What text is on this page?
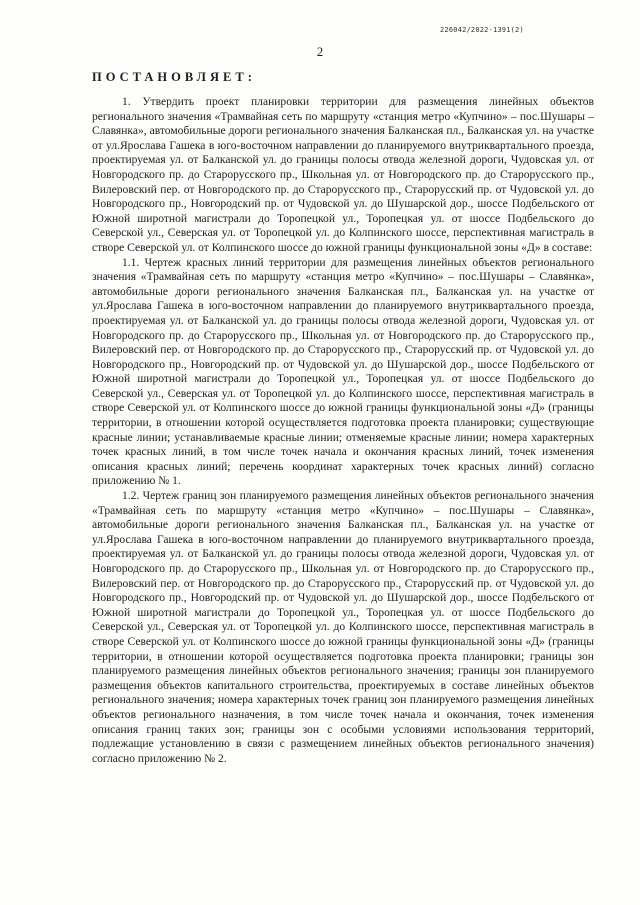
226042/2022-1391(2)
2
ПОСТАНОВЛЯЕТ:

1. Утвердить проект планировки территории для размещения линейных объектов регионального значения «Трамвайная сеть по маршруту «станция метро «Купчино» – пос.Шушары – Славянка», автомобильные дороги регионального значения Балканская пл., Балканская ул. на участке от ул.Ярослава Гашека в юго-восточном направлении до планируемого внутриквартального проезда, проектируемая ул. от Балканской ул. до границы полосы отвода железной дороги, Чудовская ул. от Новгородского пр. до Старорусского пр., Школьная ул. от Новгородского пр. до Старорусского пр., Вилеровский пер. от Новгородского пр. до Старорусского пр., Старорусский пр. от Чудовской ул. до Новгородского пр., Новгородский пр. от Чудовской ул. до Шушарской дор., шоссе Подбельского от Южной широтной магистрали до Торопецкой ул., Торопецкая ул. от шоссе Подбельского до Северской ул., Северская ул. от Торопецкой ул. до Колпинского шоссе, перспективная магистраль в створе Северской ул. от Колпинского шоссе до южной границы функциональной зоны «Д» в составе:

1.1. Чертеж красных линий территории для размещения линейных объектов регионального значения «Трамвайная сеть по маршруту «станция метро «Купчино» – пос.Шушары – Славянка», автомобильные дороги регионального значения Балканская пл., Балканская ул. на участке от ул.Ярослава Гашека в юго-восточном направлении до планируемого внутриквартального проезда, проектируемая ул. от Балканской ул. до границы полосы отвода железной дороги, Чудовская ул. от Новгородского пр. до Старорусского пр., Школьная ул. от Новгородского пр. до Старорусского пр., Вилеровский пер. от Новгородского пр. до Старорусского пр., Старорусский пр. от Чудовской ул. до Новгородского пр., Новгородский пр. от Чудовской ул. до Шушарской дор., шоссе Подбельского от Южной широтной магистрали до Торопецкой ул., Торопецкая ул. от шоссе Подбельского до Северской ул., Северская ул. от Торопецкой ул. до Колпинского шоссе, перспективная магистраль в створе Северской ул. от Колпинского шоссе до южной границы функциональной зоны «Д» (границы территории, в отношении которой осуществляется подготовка проекта планировки; существующие красные линии; устанавливаемые красные линии; отменяемые красные линии; номера характерных точек красных линий, в том числе точек начала и окончания красных линий, точек изменения описания красных линий; перечень координат характерных точек красных линий) согласно приложению № 1.

1.2. Чертеж границ зон планируемого размещения линейных объектов регионального значения «Трамвайная сеть по маршруту «станция метро «Купчино» – пос.Шушары – Славянка», автомобильные дороги регионального значения Балканская пл., Балканская ул. на участке от ул.Ярослава Гашека в юго-восточном направлении до планируемого внутриквартального проезда, проектируемая ул. от Балканской ул. до границы полосы отвода железной дороги, Чудовская ул. от Новгородского пр. до Старорусского пр., Школьная ул. от Новгородского пр. до Старорусского пр., Вилеровский пер. от Новгородского пр. до Старорусского пр., Старорусский пр. от Чудовской ул. до Новгородского пр., Новгородский пр. от Чудовской ул. до Шушарской дор., шоссе Подбельского от Южной широтной магистрали до Торопецкой ул., Торопецкая ул. от шоссе Подбельского до Северской ул., Северская ул. от Торопецкой ул. до Колпинского шоссе, перспективная магистраль в створе Северской ул. от Колпинского шоссе до южной границы функциональной зоны «Д» (границы территории, в отношении которой осуществляется подготовка проекта планировки; границы зон планируемого размещения линейных объектов регионального значения; границы зон планируемого размещения объектов капитального строительства, проектируемых в составе линейных объектов регионального значения; номера характерных точек границ зон планируемого размещения линейных объектов регионального назначения, в том числе точек начала и окончания, точек изменения описания границ таких зон; границы зон с особыми условиями использования территорий, подлежащие установлению в связи с размещением линейных объектов регионального значения) согласно приложению № 2.
